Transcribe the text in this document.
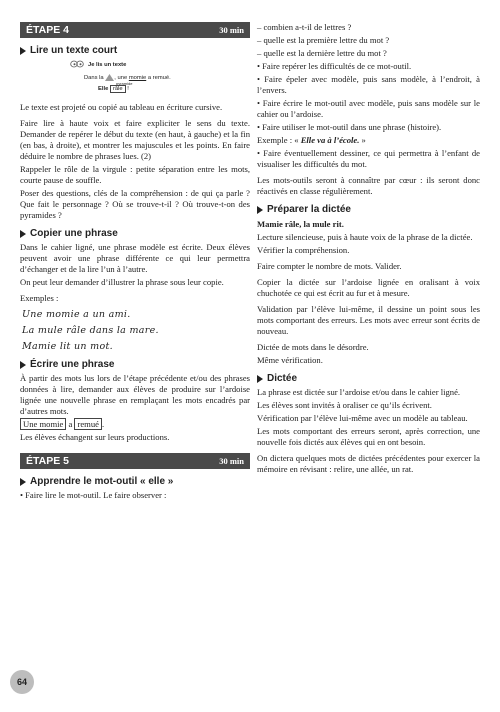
ÉTAPE 4	30 min
Lire un texte court
Je lis un texte
Dans la , une momie a remué.
pyramide
Elle râle !

Le texte est projeté ou copié au tableau en écriture cursive.

Faire lire à haute voix et faire expliciter le sens du texte. Demander de repérer le début du texte (en haut, à gauche) et la fin (en bas, à droite), et montrer les majuscules et les points. En faire déduire le nombre de phrases lues. (2)

Rappeler le rôle de la virgule : petite séparation entre les mots, courte pause de souffle.

Poser des questions, clés de la compréhension : de qui ça parle ? Que fait le personnage ? Où se trouve-t-il ? Où trouve-t-on des pyramides ?

Copier une phrase

Dans le cahier ligné, une phrase modèle est écrite. Deux élèves peuvent avoir une phrase différente ce qui leur permettra d’échanger et de la lire l’un à l’autre.

On peut leur demander d’illustrer la phrase sous leur copie.

Exemples :

Une momie a un ami.
La mule râle dans la mare.
Mamie lit un mot.
Écrire une phrase

À partir des mots lus lors de l’étape précédente et/ou des phrases données à lire, demander aux élèves de produire sur l’ardoise lignée une nouvelle phrase en remplaçant les mots encadrés par d’autres mots.

Une momie a remué .

Les élèves échangent sur leurs productions.

ÉTAPE 5	30 min
Apprendre le mot-outil « elle »

• Faire lire le mot-outil. Le faire observer :

– combien a-t-il de lettres ?

– quelle est la première lettre du mot ?

– quelle est la dernière lettre du mot ?

• Faire repérer les difficultés de ce mot-outil.

• Faire épeler avec modèle, puis sans modèle, à l’endroit, à l’envers.

• Faire écrire le mot-outil avec modèle, puis sans modèle sur le cahier ou l’ardoise.

• Faire utiliser le mot-outil dans une phrase (histoire).

Exemple : « Elle va à l’école. »

• Faire éventuellement dessiner, ce qui permettra à l’enfant de visualiser les difficultés du mot.

Les mots-outils seront à connaître par cœur : ils seront donc réactivés en classe régulièrement.

Préparer la dictée

Mamie râle, la mule rit.

Lecture silencieuse, puis à haute voix de la phrase de la dictée.

Vérifier la compréhension.

Faire compter le nombre de mots. Valider.

Copier la dictée sur l’ardoise lignée en oralisant à voix chuchotée ce qui est écrit au fur et à mesure.

Validation par l’élève lui-même, il dessine un point sous les mots comportant des erreurs. Les mots avec erreur sont écrits de nouveau.

Dictée de mots dans le désordre.

Même vérification.

Dictée

La phrase est dictée sur l’ardoise et/ou dans le cahier ligné.

Les élèves sont invités à oraliser ce qu’ils écrivent.

Vérification par l’élève lui-même avec un modèle au tableau.

Les mots comportant des erreurs seront, après correction, une nouvelle fois dictés aux élèves qui en ont besoin.

On dictera quelques mots de dictées précédentes pour exercer la mémoire en révisant : relire, une allée, un rat.

64
